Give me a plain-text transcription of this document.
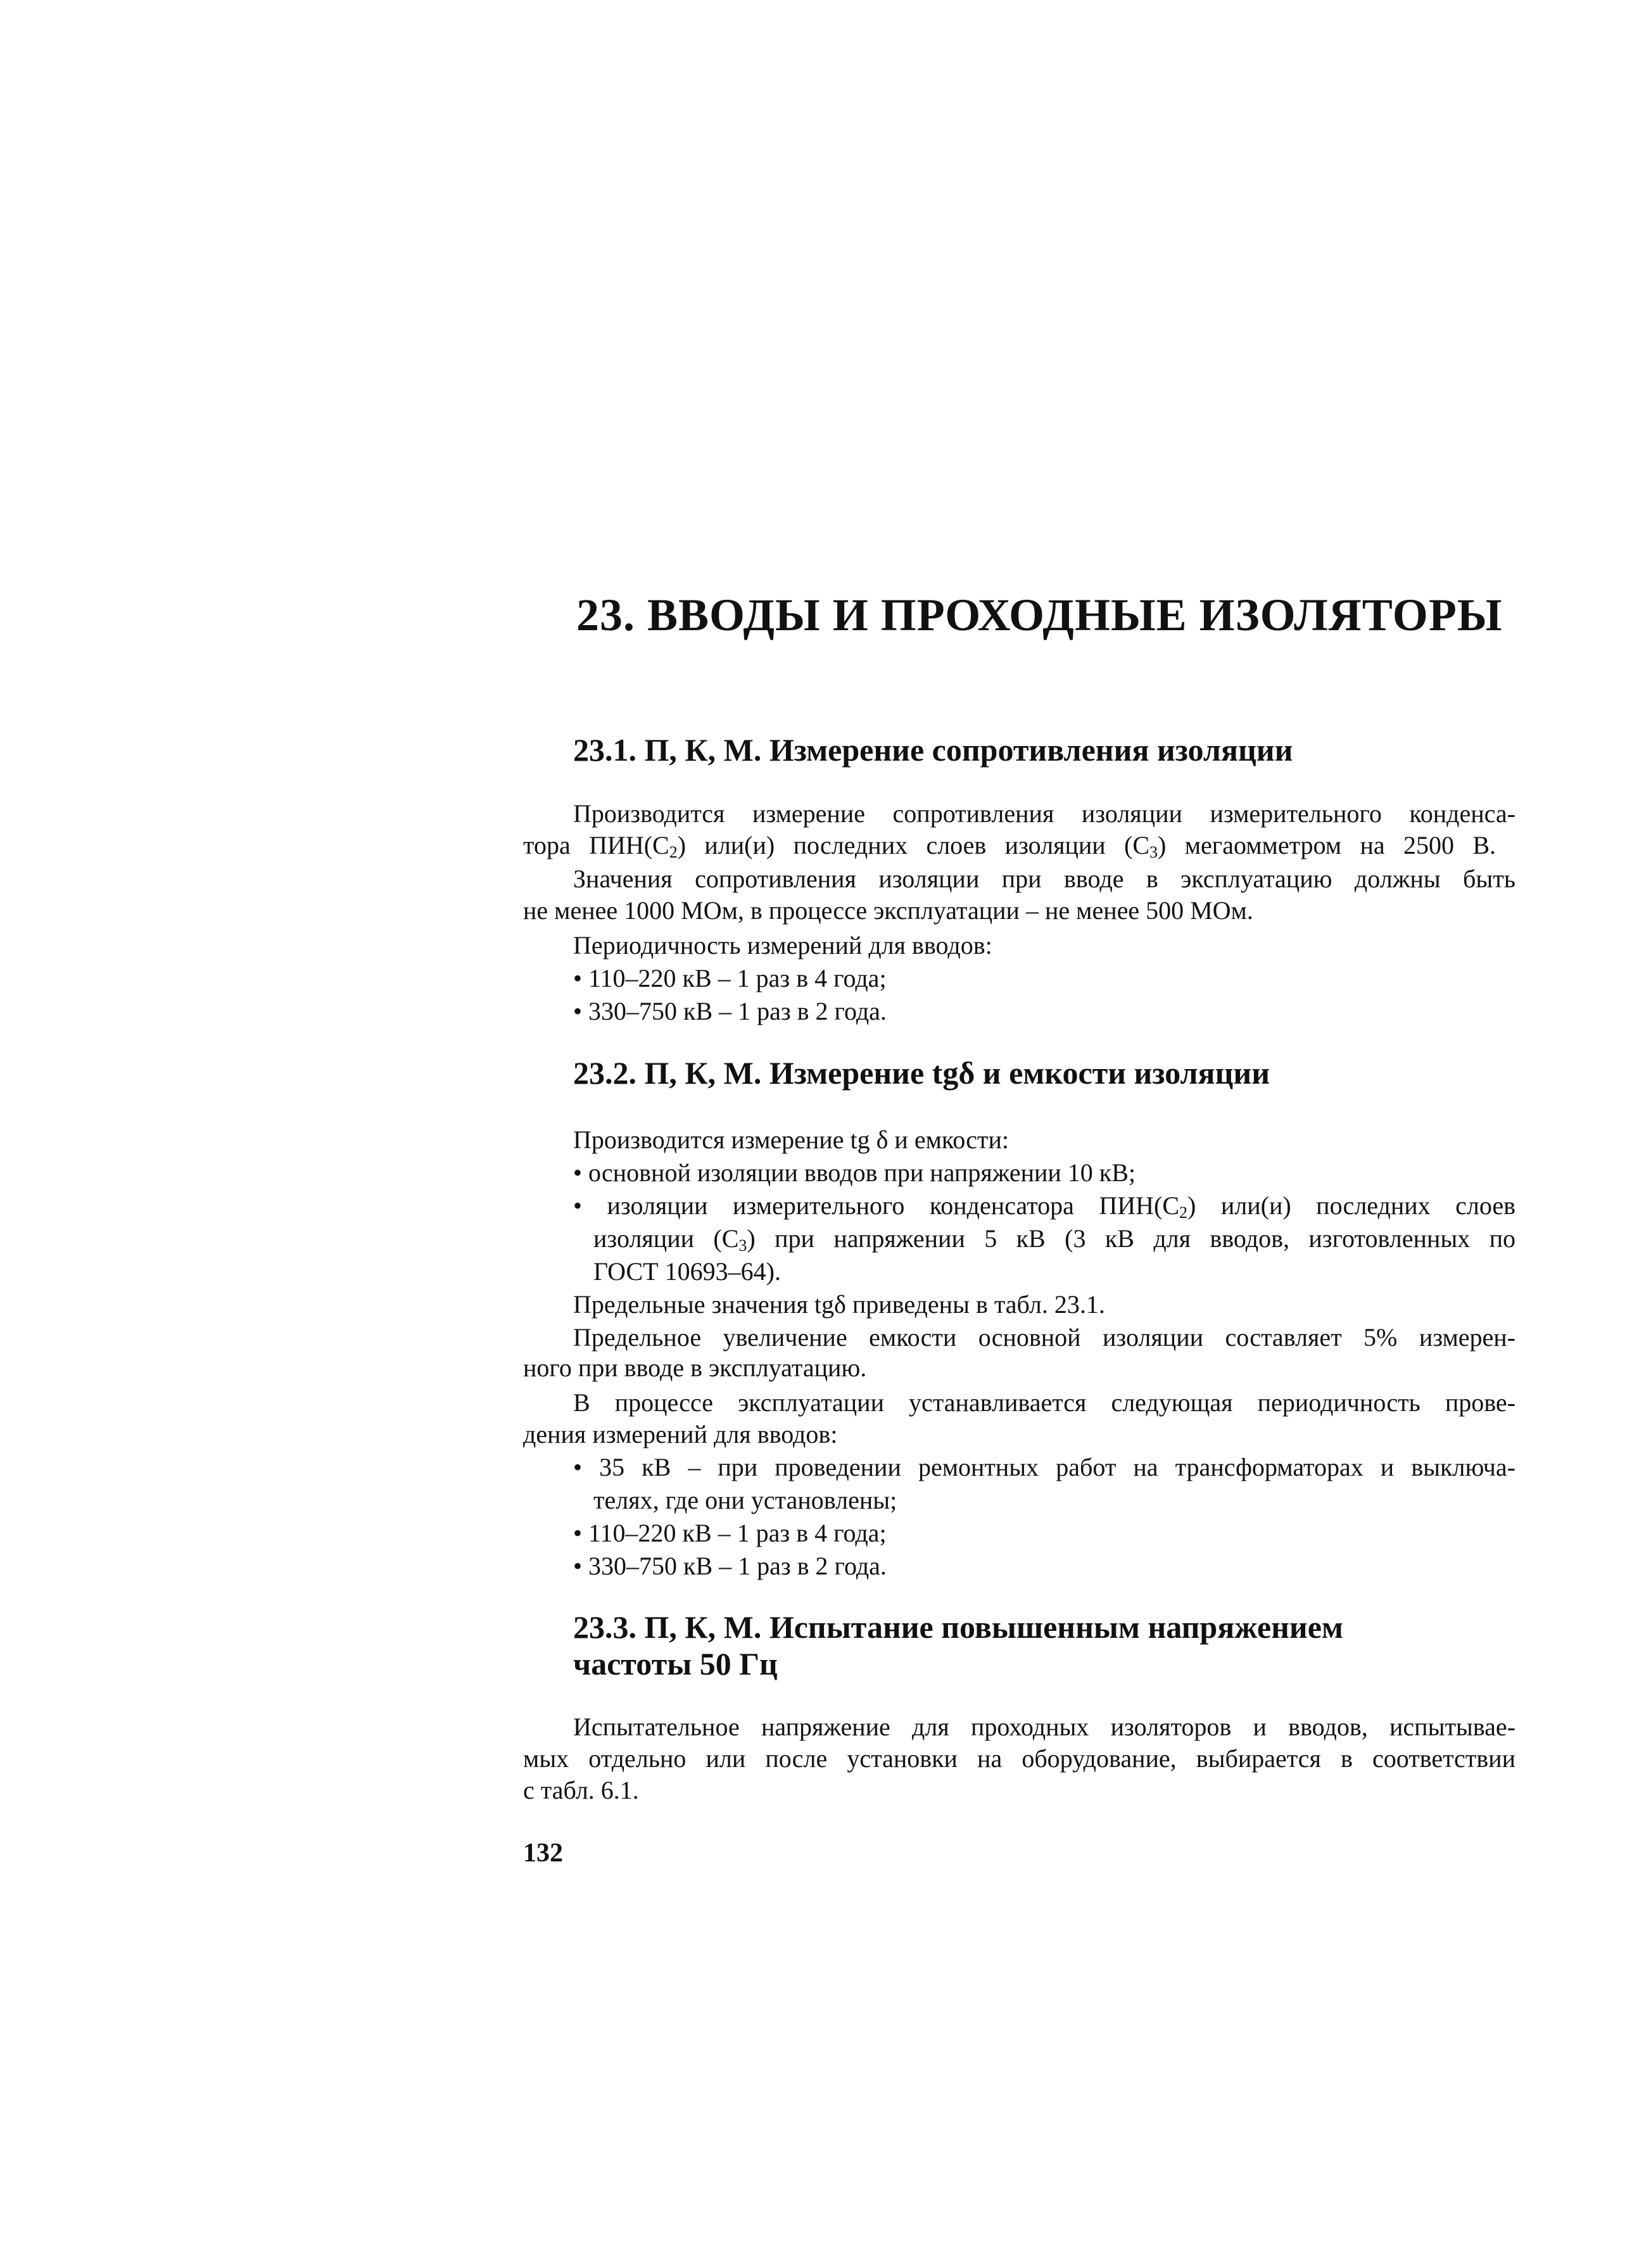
23. ВВОДЫ И ПРОХОДНЫЕ ИЗОЛЯТОРЫ
23.1. П, К, М. Измерение сопротивления изоляции
Производится измерение сопротивления изоляции измерительного конденса-
тора $ПИН(С_2)$ или(и) последних слоев изоляции $(С_3)$ мегаомметром на 2500 В.
Значения сопротивления изоляции при вводе в эксплуатацию должны быть
не менее 1000 МОм, в процессе эксплуатации – не менее 500 МОм.
Периодичность измерений для вводов:
• 110–220 кВ – 1 раз в 4 года;
• 330–750 кВ – 1 раз в 2 года.
23.2. П, К, М. Измерение tgδ и емкости изоляции
Производится измерение tg δ и емкости:
• основной изоляции вводов при напряжении 10 кВ;
• изоляции измерительного конденсатора $ПИН(С_2)$ или(и) последних слоев
изоляции $(С_3)$ при напряжении 5 кВ (3 кВ для вводов, изготовленных по
ГОСТ 10693–64).
Предельные значения tgδ приведены в табл. 23.1.
Предельное увеличение емкости основной изоляции составляет 5% измерен-
ного при вводе в эксплуатацию.
В процессе эксплуатации устанавливается следующая периодичность прове-
дения измерений для вводов:
• 35 кВ – при проведении ремонтных работ на трансформаторах и выключа-
телях, где они установлены;
• 110–220 кВ – 1 раз в 4 года;
• 330–750 кВ – 1 раз в 2 года.
23.3. П, К, М. Испытание повышенным напряжением
частоты 50 Гц
Испытательное напряжение для проходных изоляторов и вводов, испытывае-
мых отдельно или после установки на оборудование, выбирается в соответствии
с табл. 6.1.
132
